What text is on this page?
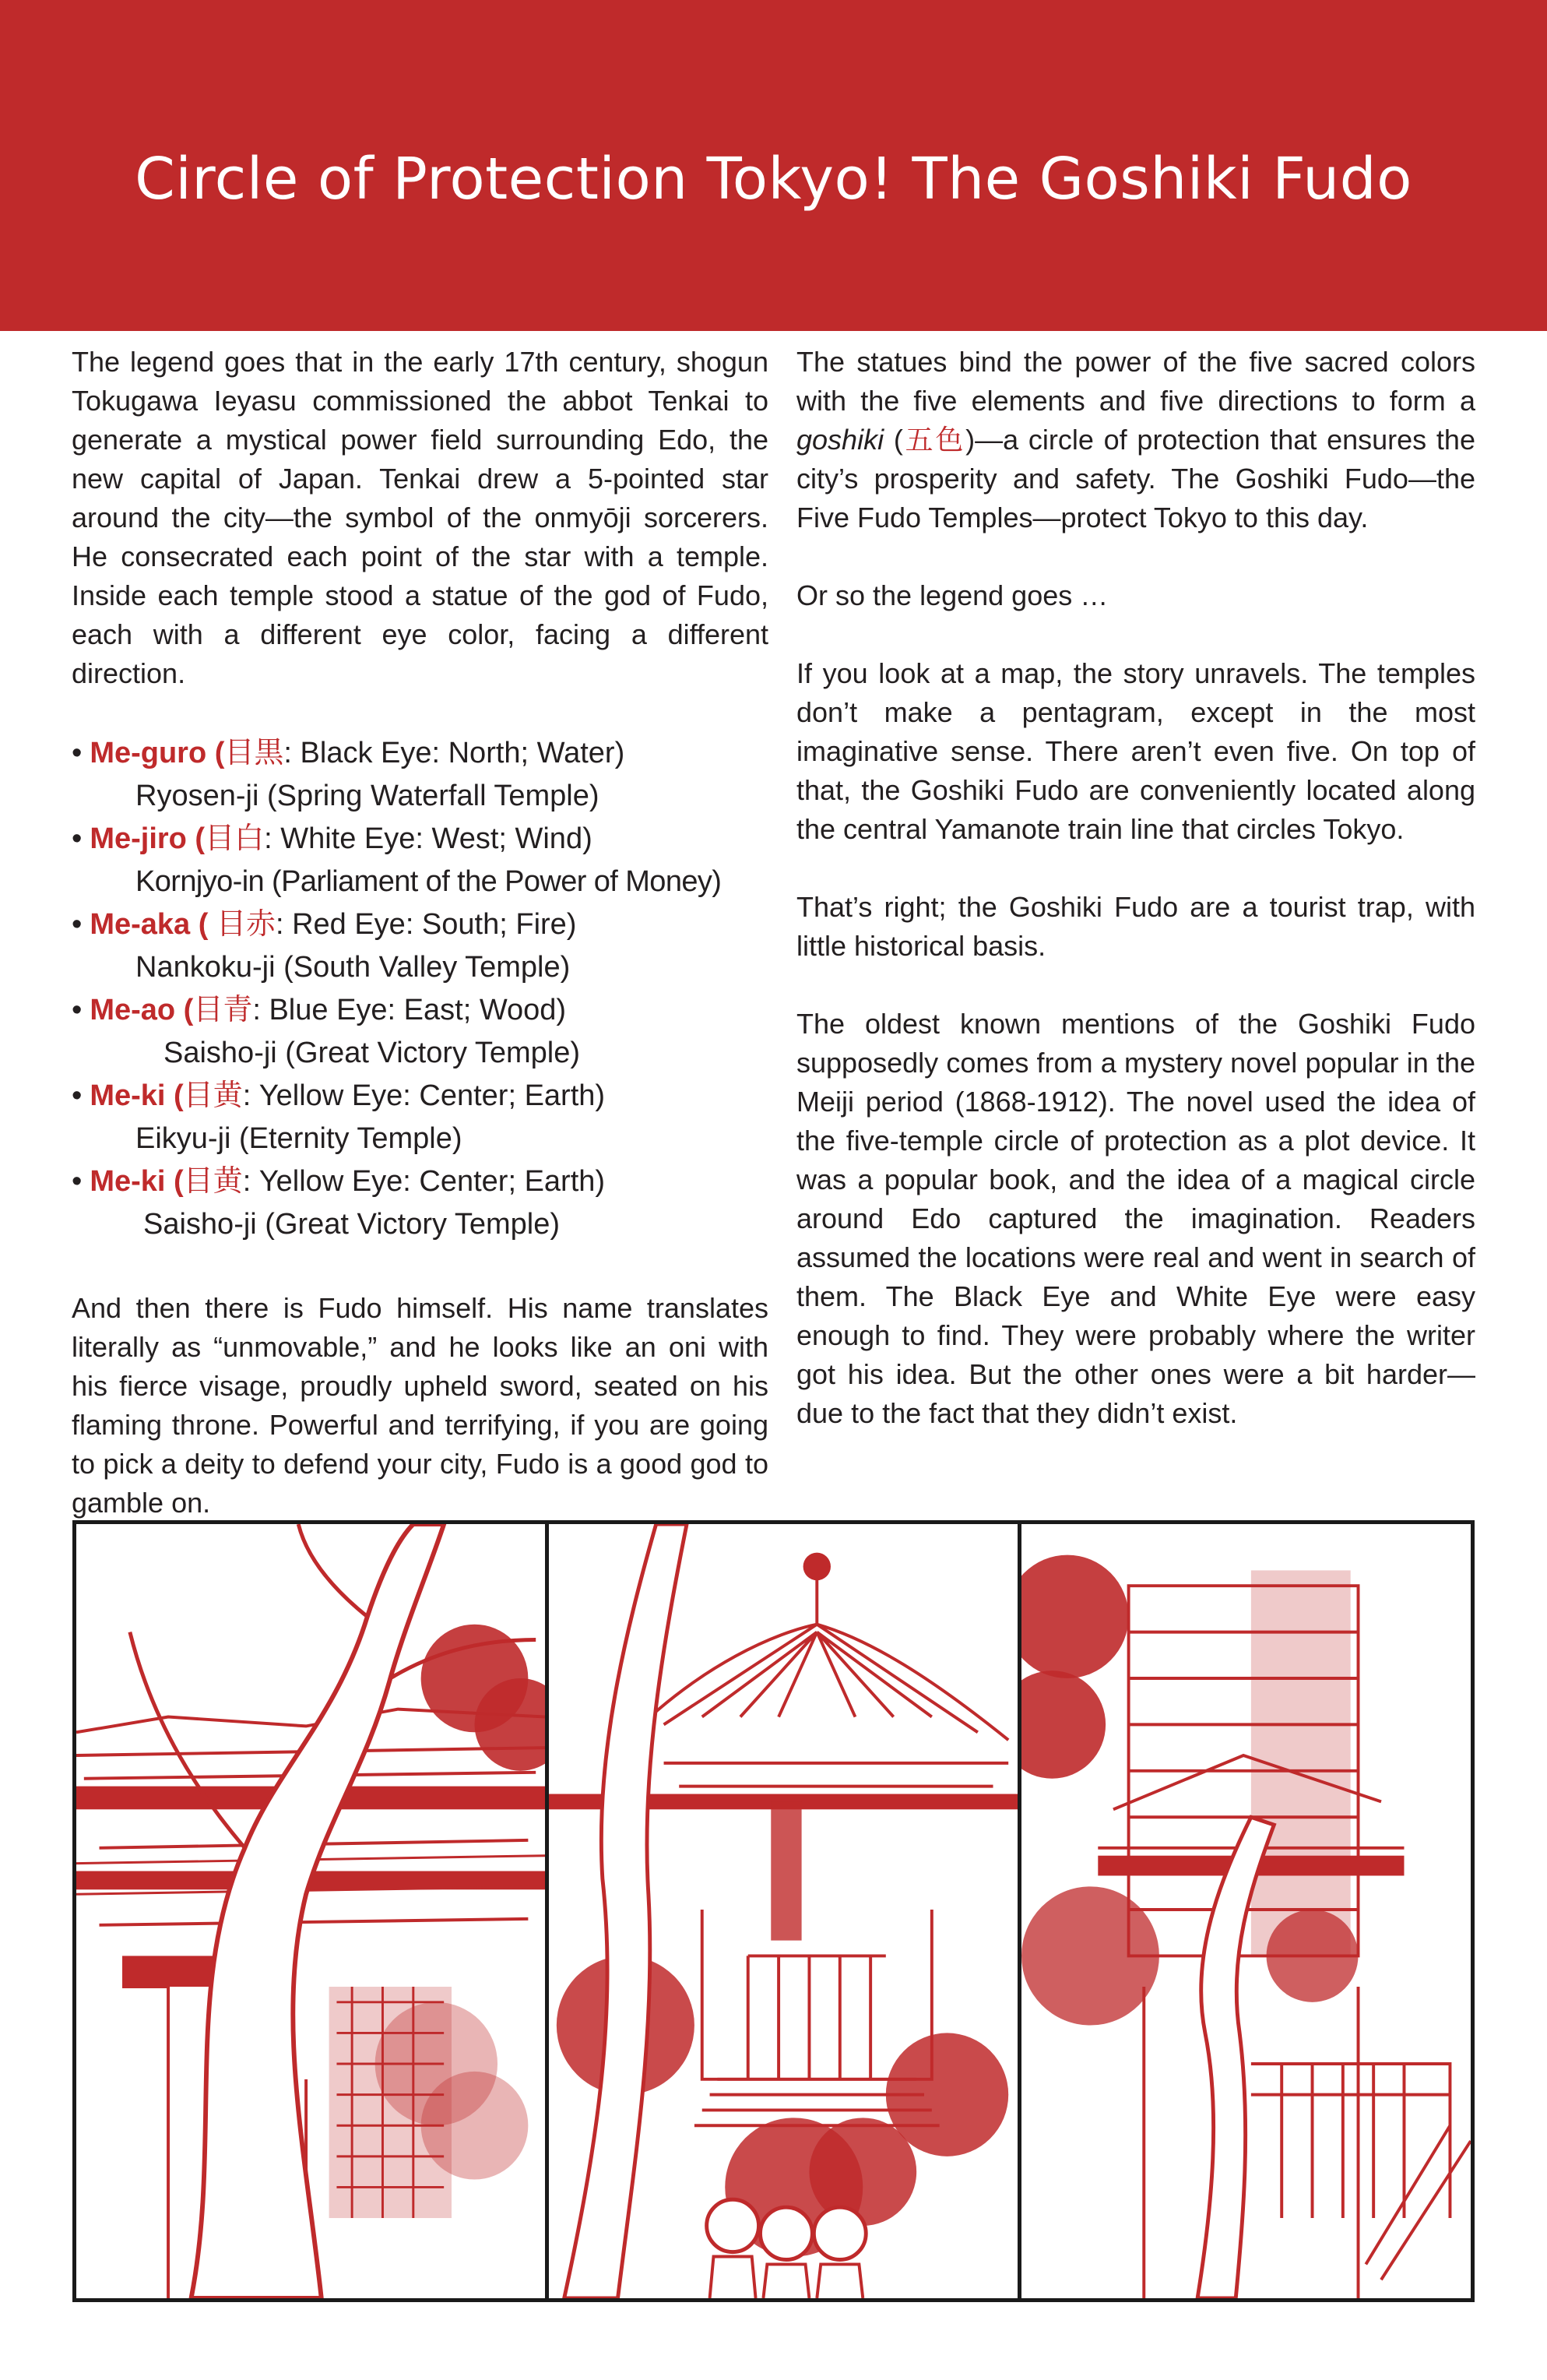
Circle of Protection Tokyo! The Goshiki Fudo

The legend goes that in the early 17th century, shogun Tokugawa Ieyasu commissioned the abbot Tenkai to generate a mystical power field surrounding Edo, the new capital of Japan. Tenkai drew a 5-pointed star around the city—the symbol of the onmyōji sorcerers. He consecrated each point of the star with a temple. Inside each temple stood a statue of the god of Fudo, each with a different eye color, facing a different direction.

• Me-guro (目黒: Black Eye: North; Water)
Ryosen-ji (Spring Waterfall Temple)
• Me-jiro (目白: White Eye: West; Wind)
Kornjyo-in (Parliament of the Power of Money)
• Me-aka ( 目赤: Red Eye: South; Fire)
Nankoku-ji (South Valley Temple)
• Me-ao (目青: Blue Eye: East; Wood)
Saisho-ji (Great Victory Temple)
• Me-ki (目黄: Yellow Eye: Center; Earth)
Eikyu-ji (Eternity Temple)
• Me-ki (目黄: Yellow Eye: Center; Earth)
Saisho-ji (Great Victory Temple)

And then there is Fudo himself. His name translates literally as “unmovable,” and he looks like an oni with his fierce visage, proudly upheld sword, seated on his flaming throne. Powerful and terrifying, if you are going to pick a deity to defend your city, Fudo is a good god to gamble on.

The statues bind the power of the five sacred colors with the five elements and five directions to form a goshiki (五色)—a circle of protection that ensures the city’s prosperity and safety. The Goshiki Fudo—the Five Fudo Temples—protect Tokyo to this day.

Or so the legend goes …

If you look at a map, the story unravels. The temples don’t make a pentagram, except in the most imaginative sense. There aren’t even five. On top of that, the Goshiki Fudo are conveniently located along the central Yamanote train line that circles Tokyo.

That’s right; the Goshiki Fudo are a tourist trap, with little historical basis.

The oldest known mentions of the Goshiki Fudo supposedly comes from a mystery novel popular in the Meiji period (1868-1912). The novel used the idea of the five-temple circle of protection as a plot device. It was a popular book, and the idea of a magical circle around Edo captured the imagination. Readers assumed the locations were real and went in search of them. The Black Eye and White Eye were easy enough to find. They were probably where the writer got his idea. But the other ones were a bit harder—due to the fact that they didn’t exist.
